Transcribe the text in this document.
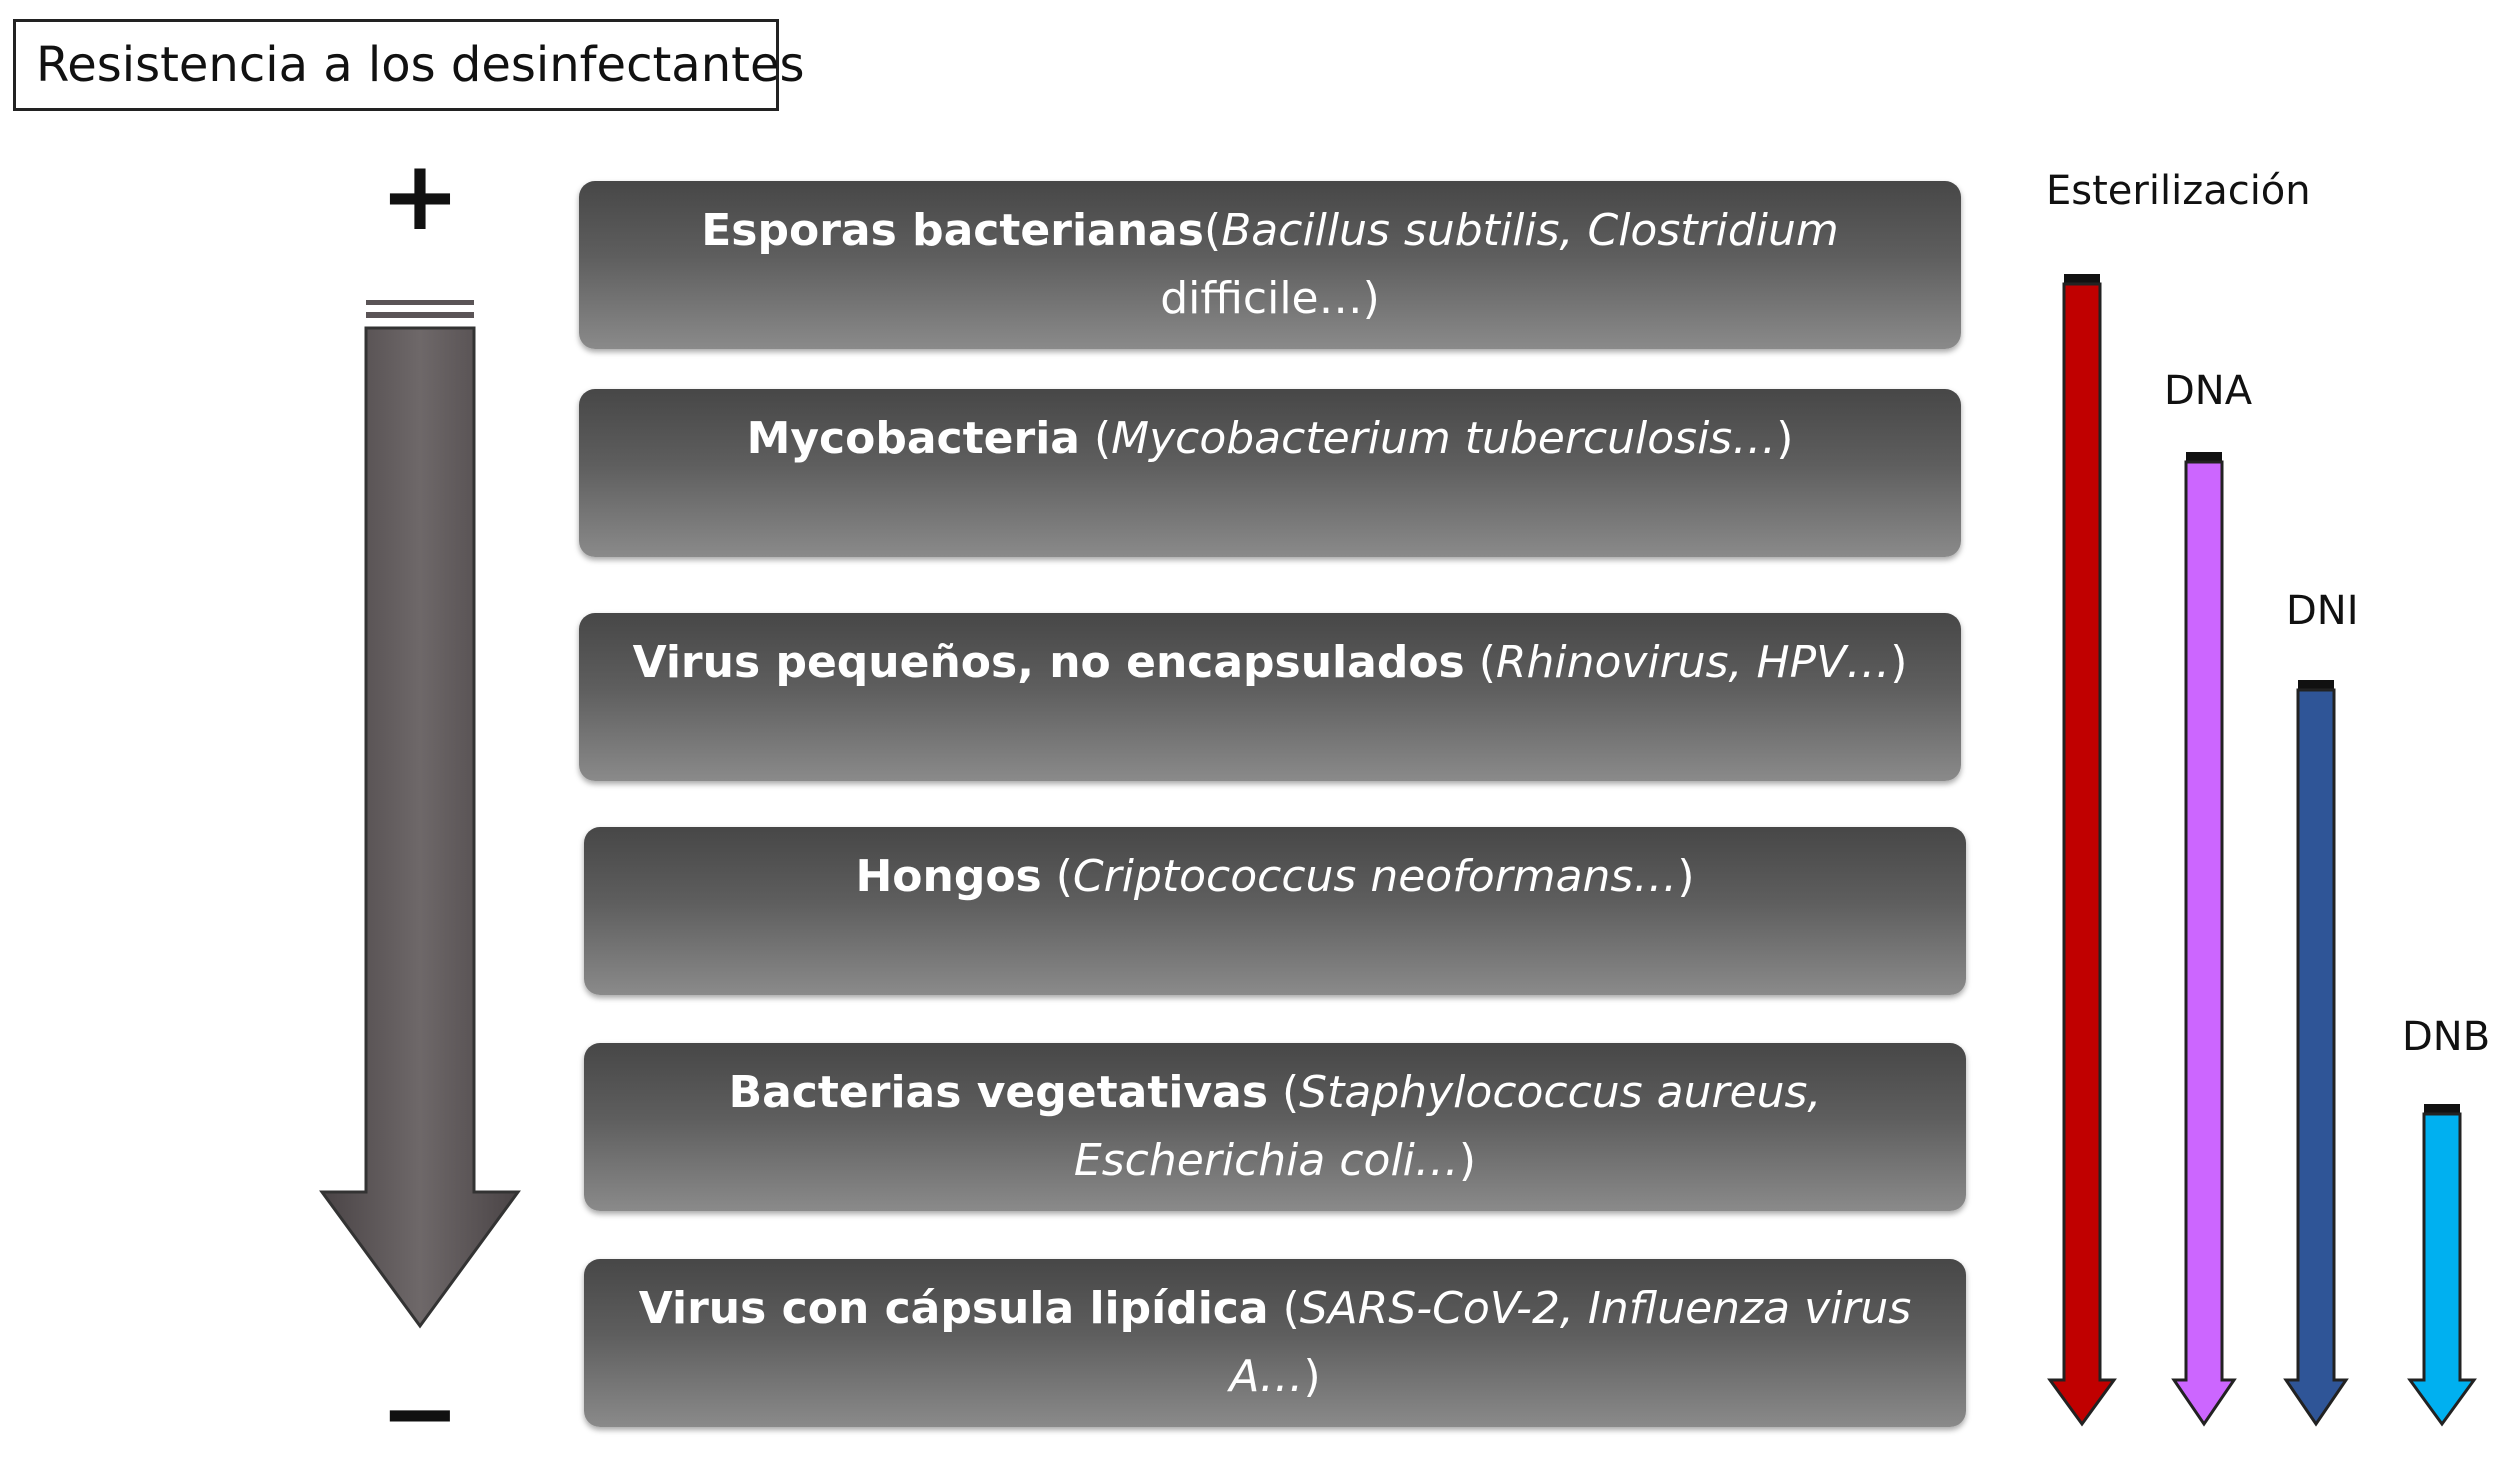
Resistencia a los desinfectantes
+
−
Esporas bacterianas(Bacillus subtilis, Clostridium difficile…)
Mycobacteria (Mycobacterium tuberculosis…)
Virus pequeños, no encapsulados (Rhinovirus, HPV…)
Hongos (Criptococcus neoformans…)
Bacterias vegetativas (Staphylococcus aureus, Escherichia coli…)
Virus con cápsula lipídica (SARS-CoV-2, Influenza virus A…)
Esterilización
DNA
DNI
DNB
